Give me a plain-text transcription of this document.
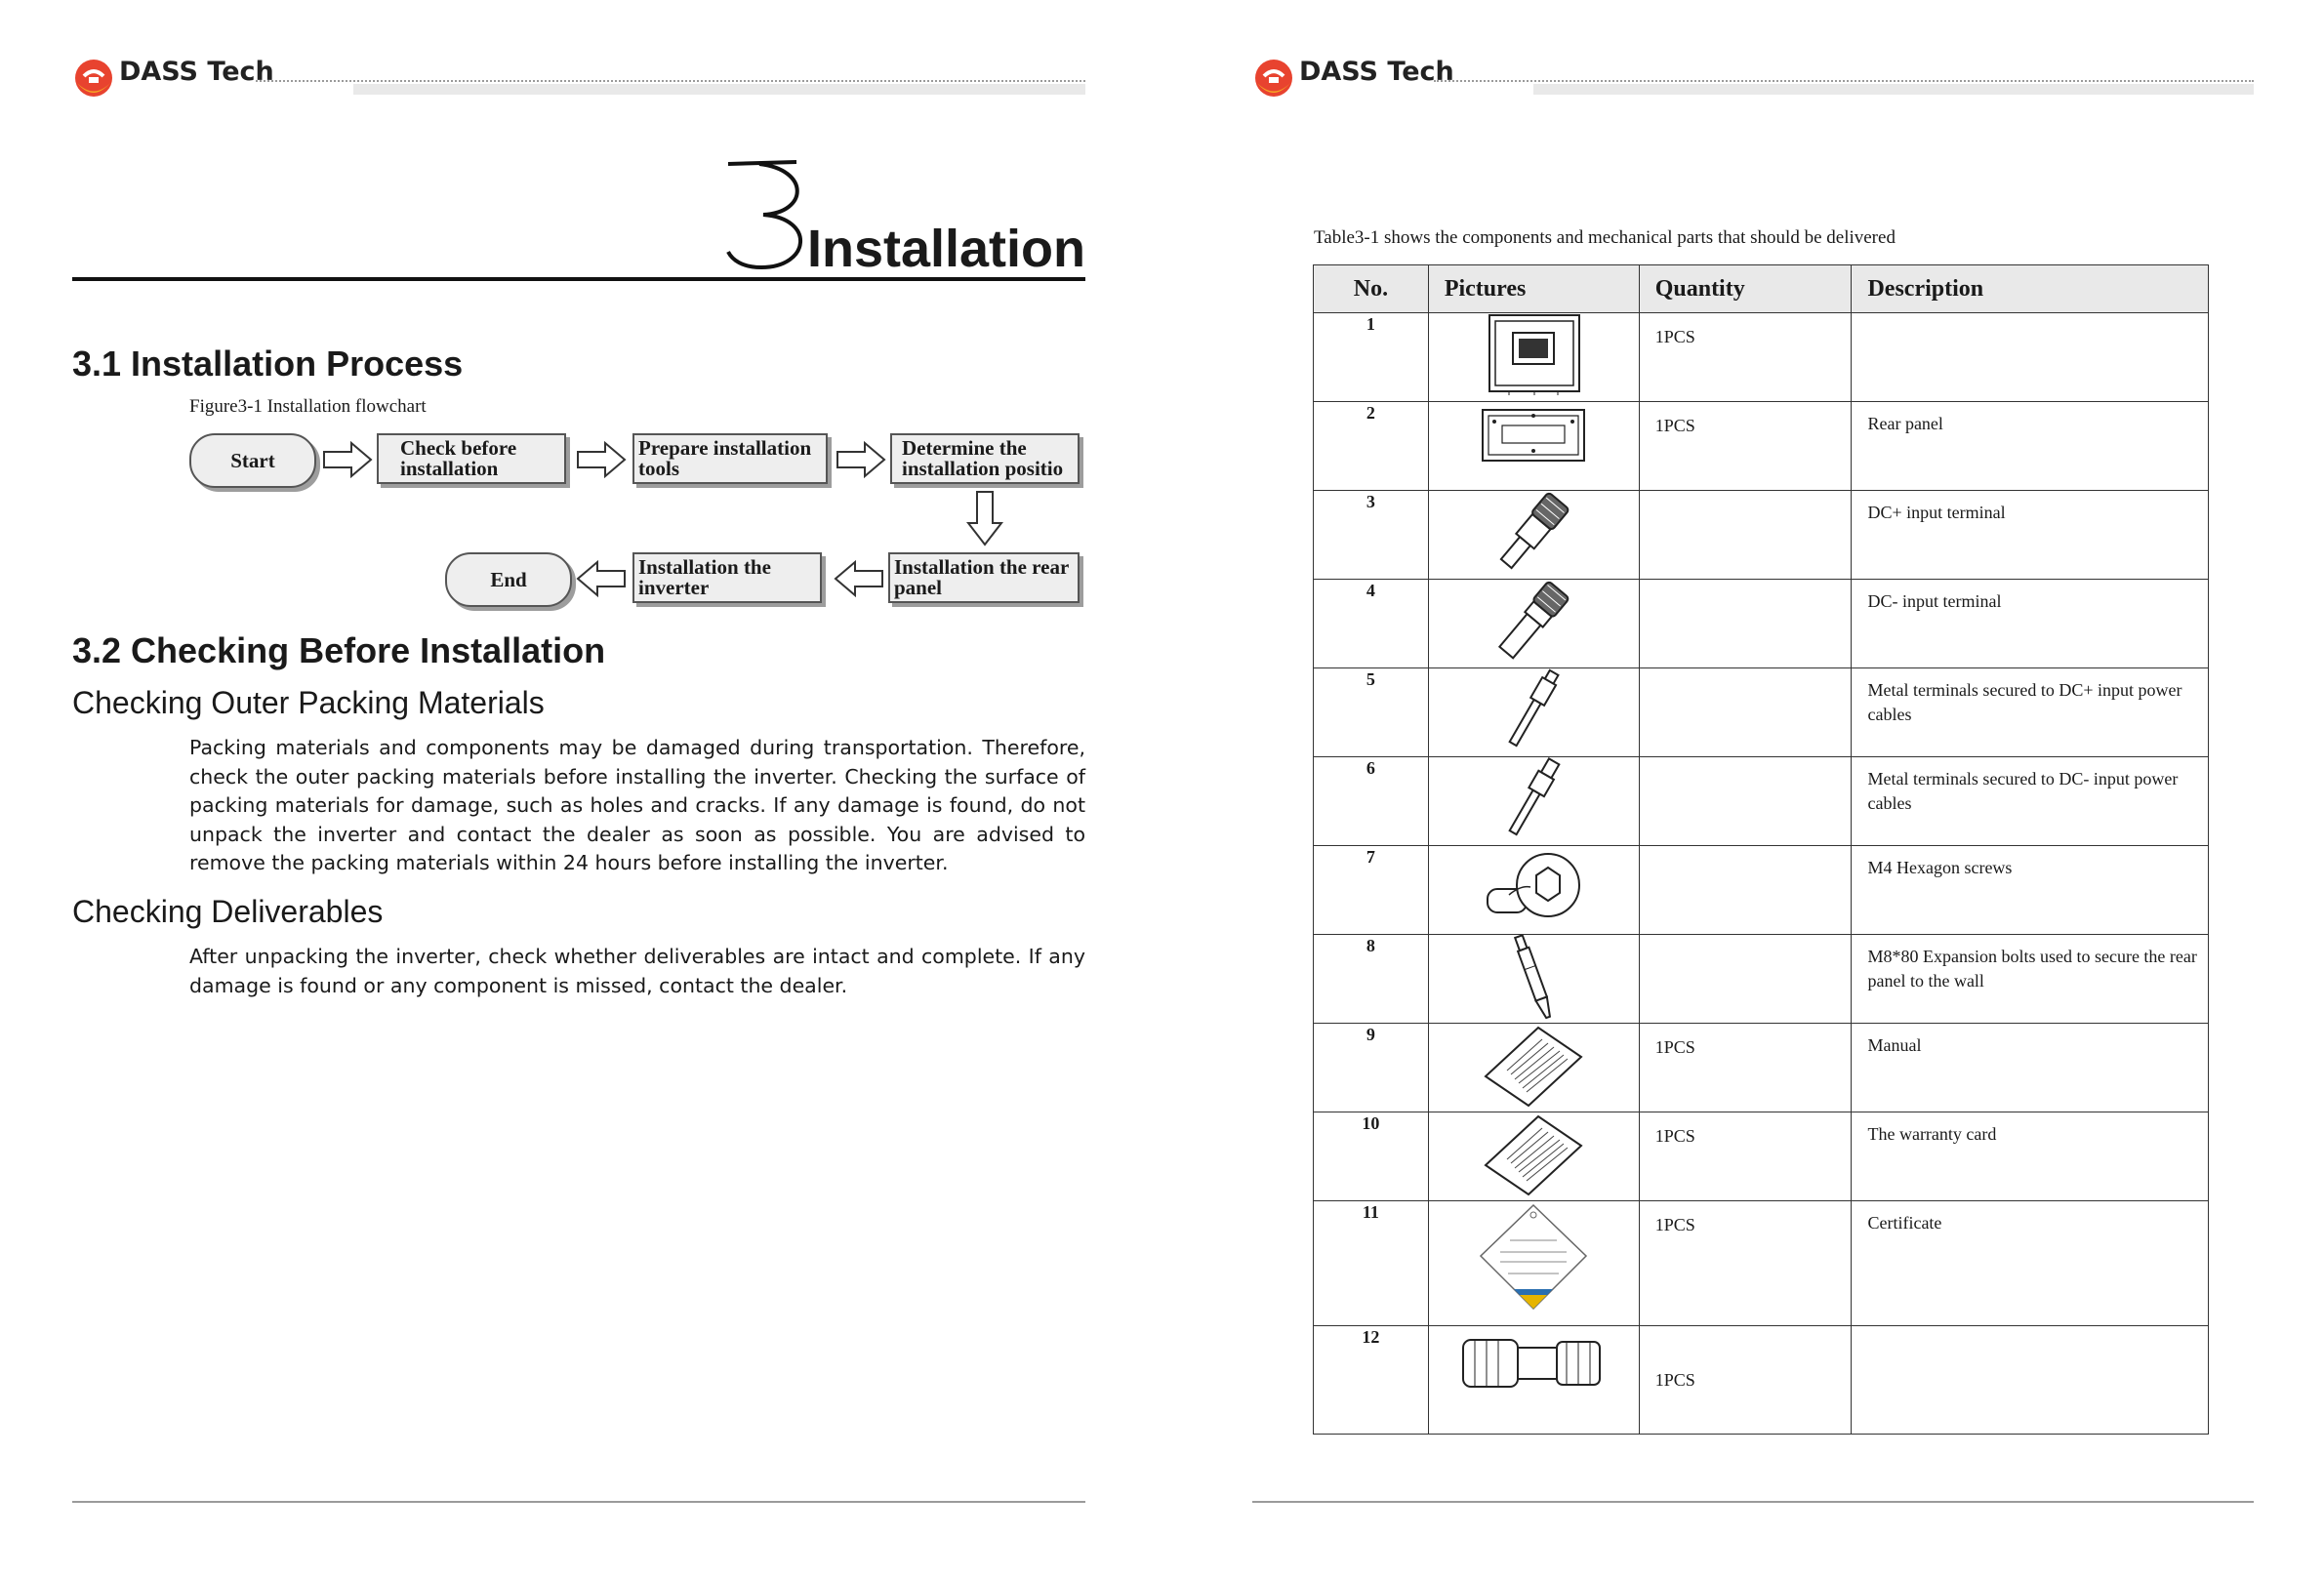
DASS Tech
Installation
3.1 Installation Process
Figure3-1 Installation flowchart
Start
Check before
installation
Prepare installation
tools
Determine the
installation positio
Installation the rear
panel
Installation the
inverter
End
3.2 Checking Before Installation
Checking Outer Packing Materials
Packing materials and components may be damaged during transportation. Therefore, check the outer packing materials before installing the inverter. Checking the surface of packing materials for damage, such as holes and cracks. If any damage is found, do not unpack the inverter and contact the dealer as soon as possible. You are advised to remove the packing materials within 24 hours before installing the inverter.
Checking Deliverables
After unpacking the inverter, check whether deliverables are intact and complete. If any damage is found or any component is missed, contact the dealer.
DASS Tech
Table3-1 shows the components and mechanical parts that should be delivered
No.	Pictures	Quantity	Description
1		1PCS	
2		1PCS	Rear panel
3			DC+ input terminal
4			DC- input terminal
5			Metal terminals secured to DC+ input power cables
6			Metal terminals secured to DC- input power cables
7			M4 Hexagon screws
8			M8*80 Expansion bolts used to secure the rear panel to the wall
9		1PCS	Manual
10		1PCS	The warranty card
11		1PCS	Certificate
12		1PCS	
